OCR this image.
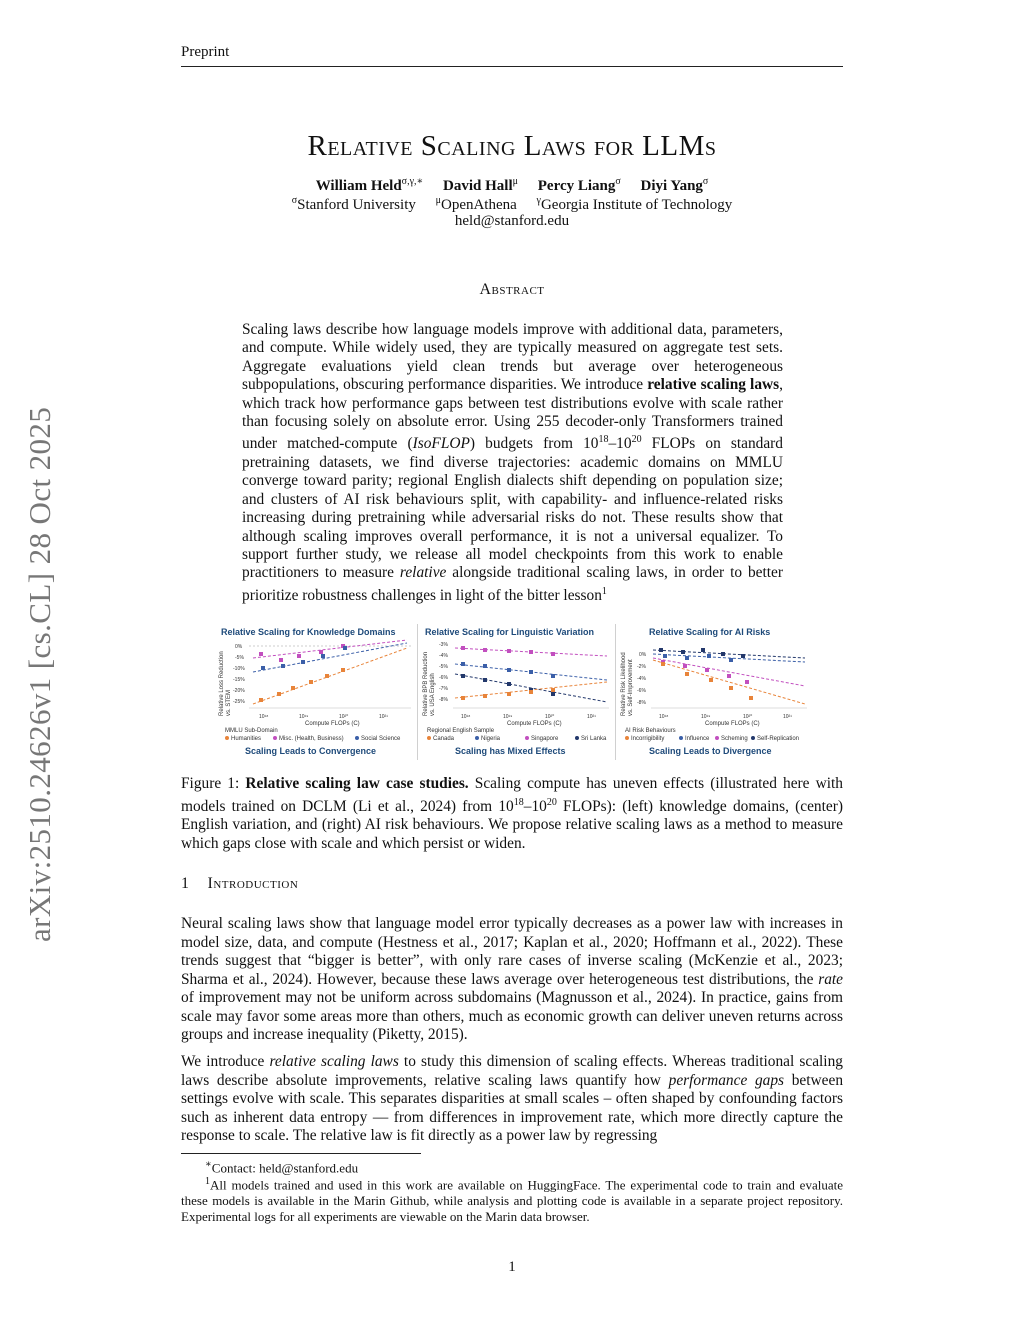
Preprint
arXiv:2510.24626v1 [cs.CL] 28 Oct 2025
Relative Scaling Laws for LLMs
William Held$^{\sigma,\gamma,∗}$ David Hall$^\mu$ Percy Liang$^\sigma$ Diyi Yang$^\sigma$
$^\sigma$Stanford University $^\mu$OpenAthena $^\gamma$Georgia Institute of Technology
held@stanford.edu
Abstract
Scaling laws describe how language models improve with additional data, parameters, and compute. While widely used, they are typically measured on aggregate test sets. Aggregate evaluations yield clean trends but average over heterogeneous subpopulations, obscuring performance disparities. We introduce relative scaling laws, which track how performance gaps between test distributions evolve with scale rather than focusing solely on absolute error. Using 255 decoder-only Transformers trained under matched-compute (IsoFLOP) budgets from $10^{18}-10^{20}$ FLOPs on standard pretraining datasets, we find diverse trajectories: academic domains on MMLU converge toward parity; regional English dialects shift depending on population size; and clusters of AI risk behaviours split, with capability- and influence-related risks increasing during pretraining while adversarial risks do not. These results show that although scaling improves overall performance, it is not a universal equalizer. To support further study, we release all model checkpoints from this work to enable practitioners to measure relative alongside traditional scaling laws, in order to better prioritize robustness challenges in light of the bitter lesson$^1$
Relative Scaling for Knowledge Domains
Relative Loss Reduction vs. STEM
0%
-5%
-10%
-15%
-20%
-25%
10¹⁸	10¹⁹	10²⁰	10²¹
Compute FLOPs (C)
MMLU Sub-Domain
Humanities	Misc. (Health, Business)	Social Science
Scaling Leads to Convergence
Relative Scaling for Linguistic Variation
Relative BPB Reduction vs. USA English
-3%
-4%
-5%
-6%
-7%
-8%
10¹⁸	10¹⁹	10²⁰	10²¹
Compute FLOPs (C)
Regional English Sample
Canada	Nigeria	Singapore	Sri Lanka
Scaling has Mixed Effects
Relative Scaling for AI Risks
Relative Risk Likelihood vs. Self-Improvement
0%
-2%
-4%
-6%
-8%
10¹⁸	10¹⁹	10²⁰	10²¹
Compute FLOPs (C)
AI Risk Behaviours
Incorrigibility	Influence Scheming Self-Replication
Scaling Leads to Divergence
Figure 1: Relative scaling law case studies. Scaling compute has uneven effects (illustrated here with models trained on DCLM (Li et al., 2024) from $10^{18}-10^{20}$ FLOPs): (left) knowledge domains, (center) English variation, and (right) AI risk behaviours. We propose relative scaling laws as a method to measure which gaps close with scale and which persist or widen.
1 Introduction
Neural scaling laws show that language model error typically decreases as a power law with increases in model size, data, and compute (Hestness et al., 2017; Kaplan et al., 2020; Hoffmann et al., 2022). These trends suggest that “bigger is better”, with only rare cases of inverse scaling (McKenzie et al., 2023; Sharma et al., 2024). However, because these laws average over heterogeneous test distributions, the rate of improvement may not be uniform across subdomains (Magnusson et al., 2024). In practice, gains from scale may favor some areas more than others, much as economic growth can deliver uneven returns across groups and increase inequality (Piketty, 2015).
We introduce relative scaling laws to study this dimension of scaling effects. Whereas traditional scaling laws describe absolute improvements, relative scaling laws quantify how performance gaps between settings evolve with scale. This separates disparities at small scales – often shaped by confounding factors such as inherent data entropy — from differences in improvement rate, which more directly capture the response to scale. The relative law is fit directly as a power law by regressing
∗Contact: held@stanford.edu
$^1$All models trained and used in this work are available on HuggingFace. The experimental code to train and evaluate these models is available in the Marin Github, while analysis and plotting code is available in a separate project repository. Experimental logs for all experiments are viewable on the Marin data browser.
1
